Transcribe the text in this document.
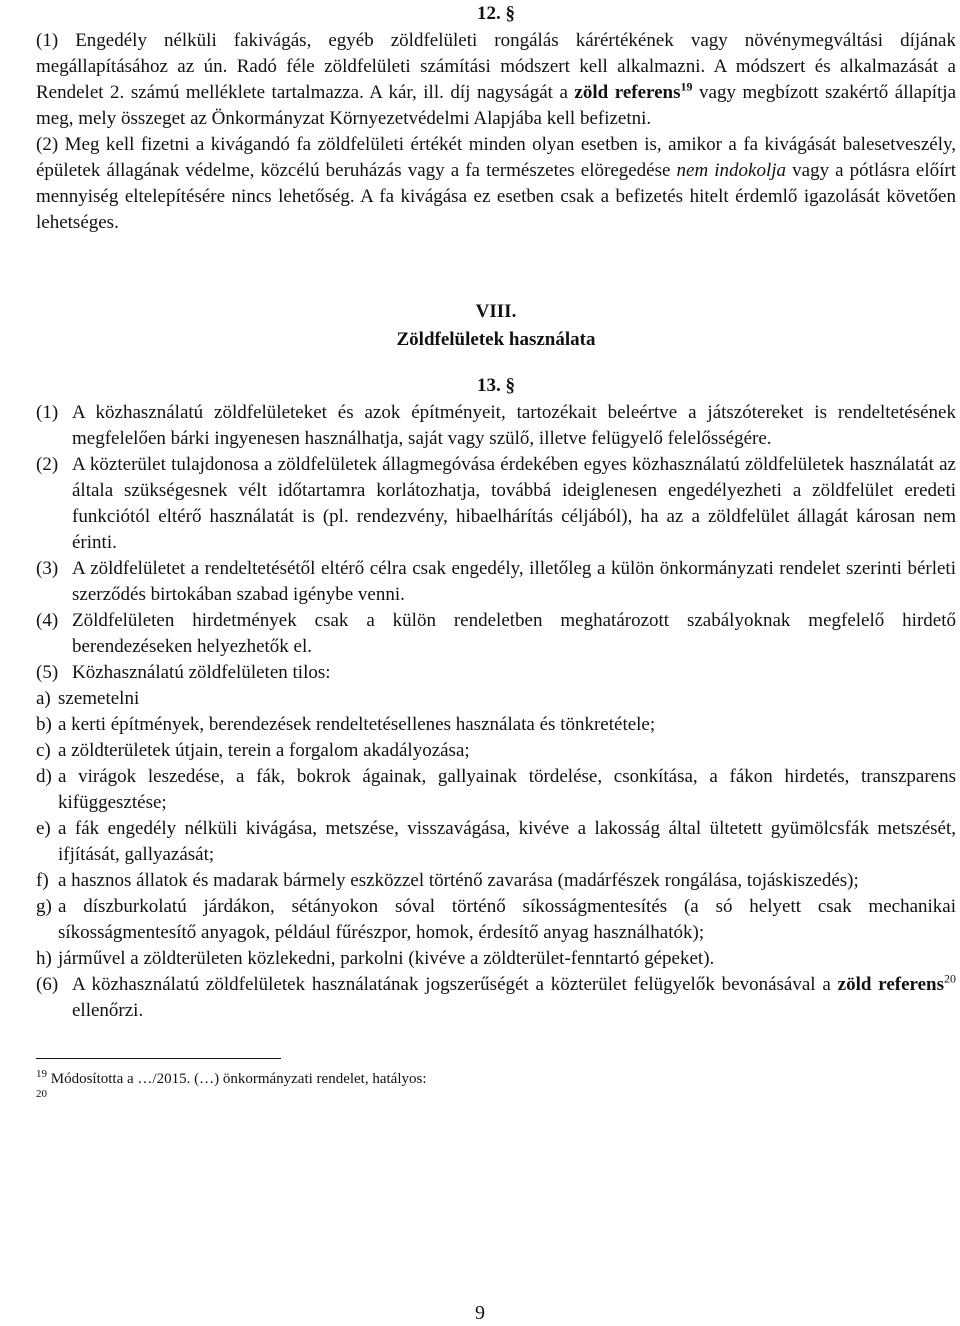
12. §

(1) Engedély nélküli fakivágás, egyéb zöldfelületi rongálás kárértékének vagy növénymegváltási díjának megállapításához az ún. Radó féle zöldfelületi számítási módszert kell alkalmazni. A módszert és alkalmazását a Rendelet 2. számú melléklete tartalmazza. A kár, ill. díj nagyságát a zöld referens$^{19}$ vagy megbízott szakértő állapítja meg, mely összeget az Önkormányzat Környezetvédelmi Alapjába kell befizetni.

(2) Meg kell fizetni a kivágandó fa zöldfelületi értékét minden olyan esetben is, amikor a fa kivágását balesetveszély, épületek állagának védelme, közcélú beruházás vagy a fa természetes elöregedése nem indokolja vagy a pótlásra előírt mennyiség eltelepítésére nincs lehetőség. A fa kivágása ez esetben csak a befizetés hitelt érdemlő igazolását követően lehetséges.

VIII.
Zöldfelületek használata
13. §
(1) A közhasználatú zöldfelületeket és azok építményeit, tartozékait beleértve a játszótereket is rendeltetésének megfelelően bárki ingyenesen használhatja, saját vagy szülő, illetve felügyelő felelősségére.
(2) A közterület tulajdonosa a zöldfelületek állagmegóvása érdekében egyes közhasználatú zöldfelületek használatát az általa szükségesnek vélt időtartamra korlátozhatja, továbbá ideiglenesen engedélyezheti a zöldfelület eredeti funkciótól eltérő használatát is (pl. rendezvény, hibaelhárítás céljából), ha az a zöldfelület állagát károsan nem érinti.
(3) A zöldfelületet a rendeltetésétől eltérő célra csak engedély, illetőleg a külön önkormányzati rendelet szerinti bérleti szerződés birtokában szabad igénybe venni.
(4) Zöldfelületen hirdetmények csak a külön rendeletben meghatározott szabályoknak megfelelő hirdető berendezéseken helyezhetők el.
(5) Közhasználatú zöldfelületen tilos:
a) szemetelni
b) a kerti építmények, berendezések rendeltetésellenes használata és tönkretétele;
c) a zöldterületek útjain, terein a forgalom akadályozása;
d) a virágok leszedése, a fák, bokrok ágainak, gallyainak tördelése, csonkítása, a fákon hirdetés, transzparens kifüggesztése;
e) a fák engedély nélküli kivágása, metszése, visszavágása, kivéve a lakosság által ültetett gyümölcsfák metszését, ifjítását, gallyazását;
f) a hasznos állatok és madarak bármely eszközzel történő zavarása (madárfészek rongálása, tojáskiszedés);
g) a díszburkolatú járdákon, sétányokon sóval történő síkosságmentesítés (a só helyett csak mechanikai síkosságmentesítő anyagok, például fűrészpor, homok, érdesítő anyag használhatók);
h) járművel a zöldterületen közlekedni, parkolni (kivéve a zöldterület-fenntartó gépeket).
(6) A közhasználatú zöldfelületek használatának jogszerűségét a közterület felügyelők bevonásával a zöld referens$^{20}$ ellenőrzi.
$^{19}$ Módosította a …/2015. (…) önkormányzati rendelet, hatályos:
$^{20}$
9
